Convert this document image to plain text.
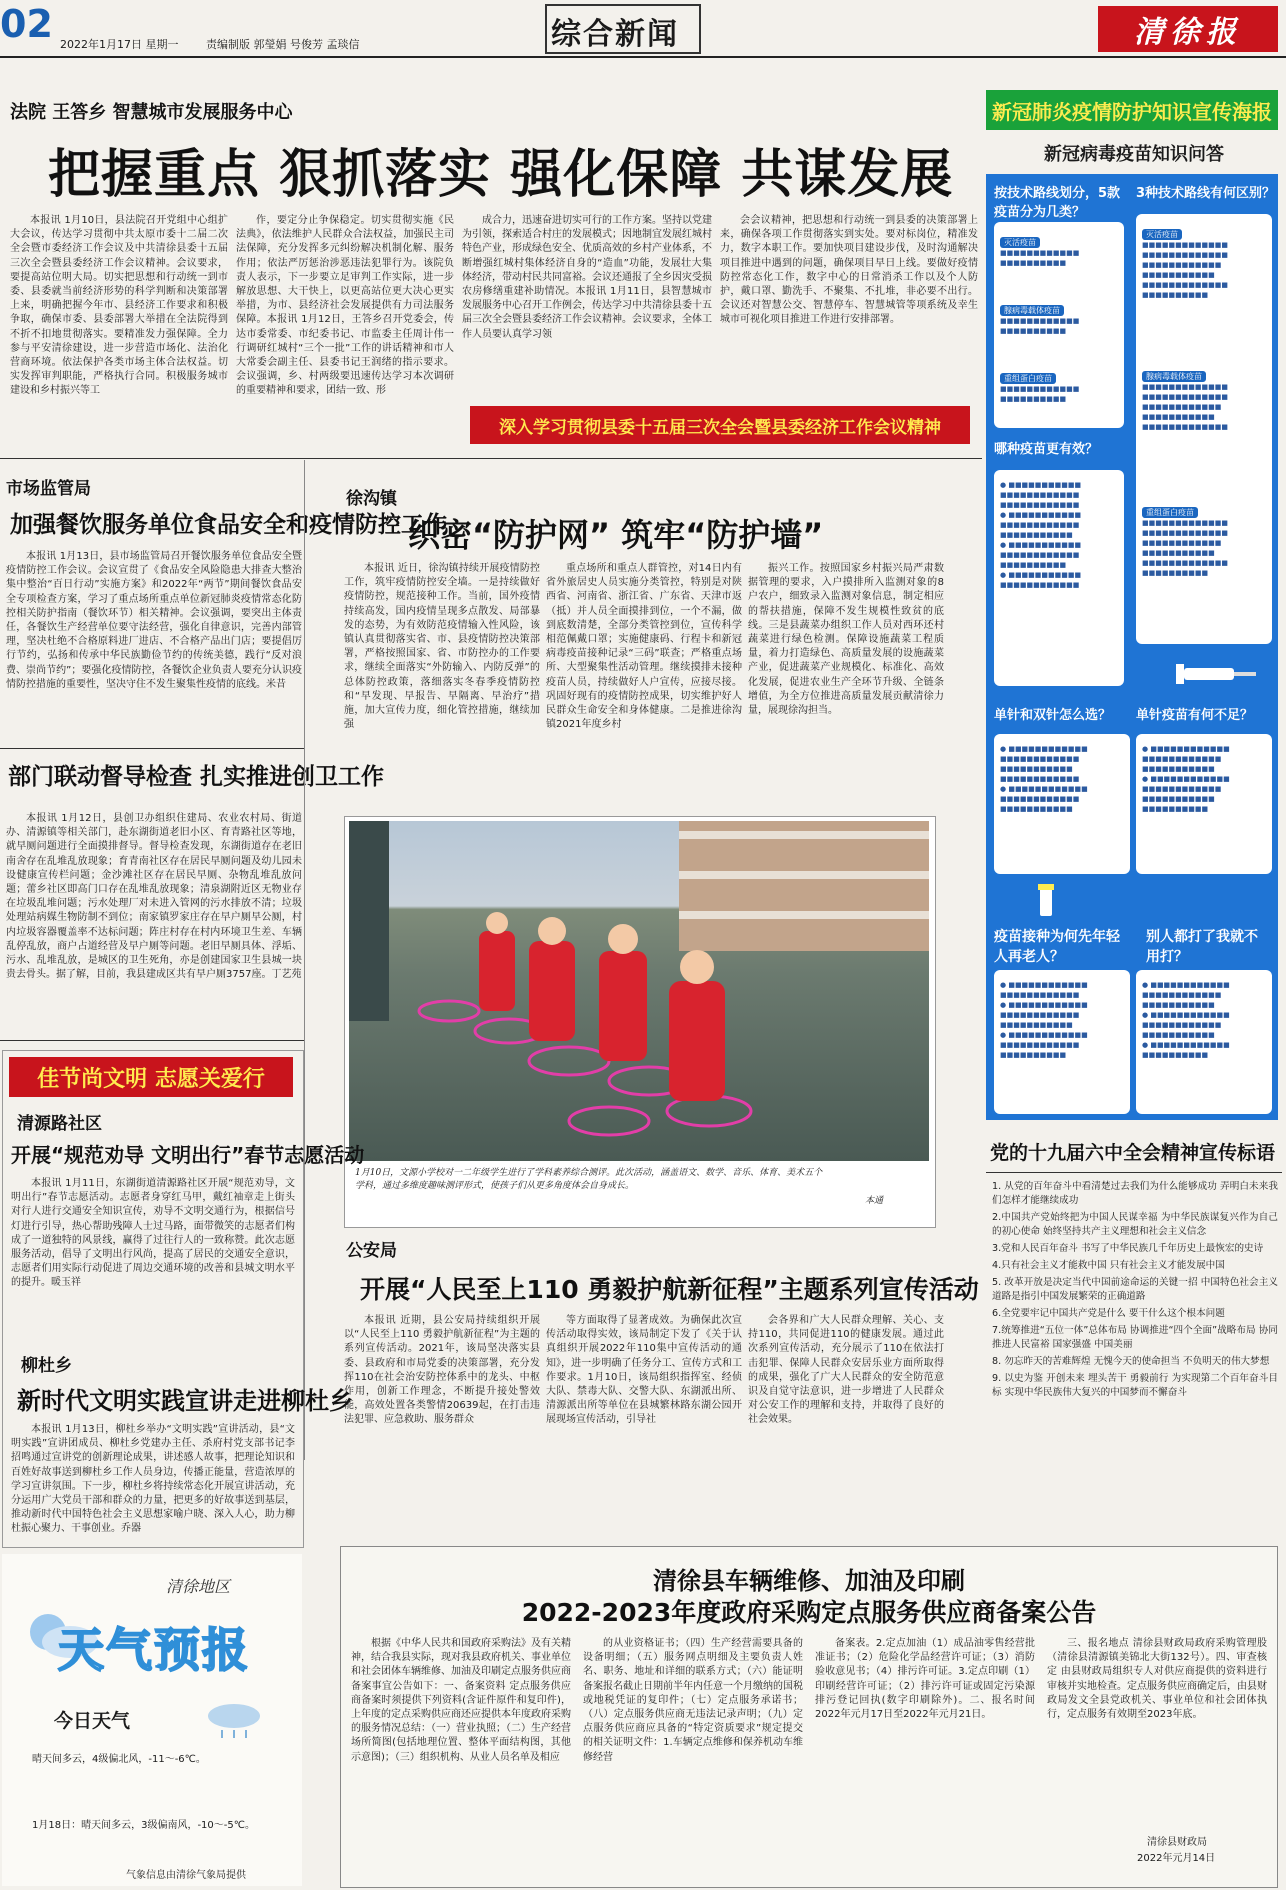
02 2022年1月17日 星期一	责编制版 郭瑩娟 号俊芳 孟琰信	综合新闻	清徐报
法院 王答乡 智慧城市发展服务中心
把握重点 狠抓落实 强化保障 共谋发展

本报讯 1月10日，县法院召开党组中心组扩大会议，传达学习贯彻中共太原市委十二届二次全会暨市委经济工作会议及中共清徐县委十五届三次全会暨县委经济工作会议精神。会议要求，要提高站位明大局。切实把思想和行动统一到市委、县委就当前经济形势的科学判断和决策部署上来，明确把握今年市、县经济工作要求和积极争取，确保市委、县委部署大举措在全法院得到不折不扣地贯彻落实。要精准发力强保障。全力参与平安清徐建设，进一步营造市场化、法治化营商环境。依法保护各类市场主体合法权益。切实发挥审判职能，严格执行合同。积极服务城市建设和乡村振兴等工

作，要定分止争保稳定。切实贯彻实施《民法典》，依法维护人民群众合法权益，加强民主司法保障，充分发挥多元纠纷解决机制化解、服务作用；依法严厉惩治涉恶违法犯罪行为。该院负责人表示，下一步要立足审判工作实际，进一步解放思想、大干快上，以更高站位更大决心更实举措，为市、县经济社会发展提供有力司法服务保障。本报讯 1月12日，王答乡召开党委会，传达市委常委、市纪委书记、市监委主任周计伟一行调研红城村“三个一批”工作的讲话精神和市人大常委会副主任、县委书记王润绪的指示要求。会议强调，乡、村两级要迅速传达学习本次调研的重要精神和要求，团结一致、形

成合力，迅速奋进切实可行的工作方案。坚持以党建为引领，探索适合村庄的发展模式；因地制宜发展红城村特色产业，形成绿色安全、优质高效的乡村产业体系，不断增强红城村集体经济自身的“造血”功能，发展壮大集体经济，带动村民共同富裕。会议还通报了全乡因灾受损农房修缮重建补助情况。本报讯 1月11日，县智慧城市发展服务中心召开工作例会，传达学习中共清徐县委十五届三次全会暨县委经济工作会议精神。会议要求，全体工作人员要认真学习领

会会议精神，把思想和行动统一到县委的决策部署上来，确保各项工作贯彻落实到实处。要对标岗位，精准发力，数字本职工作。要加快项目建设步伐，及时沟通解决项目推进中遇到的问题，确保项目早日上线。要做好疫情防控常态化工作，数字中心的日常消杀工作以及个人防护，戴口罩、勤洗手、不聚集、不扎堆，非必要不出行。会议还对智慧公交、智慧停车、智慧城管等项系统及幸生城市可视化项目推进工作进行安排部署。

深入学习贯彻县委十五届三次全会暨县委经济工作会议精神
新冠肺炎疫情防护知识宣传海报
新冠病毒疫苗知识问答
按技术路线划分，5款疫苗分为几类？
3种技术路线有何区别？
灭活疫苗
■■■■■■■■■■■■
■■■■■■■■■■
腺病毒载体疫苗
■■■■■■■■■■■■
■■■■■■■■■■
重组蛋白疫苗
■■■■■■■■■■■■
■■■■■■■■■■
灭活疫苗
■■■■■■■■■■■■■
■■■■■■■■■■■■■
■■■■■■■■■■■■
■■■■■■■■■■■
■■■■■■■■■■■■■
■■■■■■■■■■
腺病毒载体疫苗
■■■■■■■■■■■■■
■■■■■■■■■■■■■
■■■■■■■■■■■■
■■■■■■■■■■■
■■■■■■■■■■■■■
重组蛋白疫苗
■■■■■■■■■■■■■
■■■■■■■■■■■■■
■■■■■■■■■■■■
■■■■■■■■■■■
■■■■■■■■■■■■■
■■■■■■■■■■
哪种疫苗更有效？
● ■■■■■■■■■■■
■■■■■■■■■■■■
■■■■■■■■■■■■
● ■■■■■■■■■■■
■■■■■■■■■■■■
■■■■■■■■■■■
● ■■■■■■■■■■■
■■■■■■■■■■■■
■■■■■■■■■■
● ■■■■■■■■■■■
■■■■■■■■■■■■
单针和双针怎么选？	单针疫苗有何不足？
● ■■■■■■■■■■■■
■■■■■■■■■■■■
■■■■■■■■■■■
■■■■■■■■■■■■
● ■■■■■■■■■■■■
■■■■■■■■■■■■
■■■■■■■■■■■
● ■■■■■■■■■■■■
■■■■■■■■■■■■
■■■■■■■■■■■
● ■■■■■■■■■■■■
■■■■■■■■■■■■
■■■■■■■■■■■
■■■■■■■■■■
疫苗接种为何先年轻人再老人？
别人都打了我就不用打？
● ■■■■■■■■■■■■
■■■■■■■■■■■■
● ■■■■■■■■■■■■
■■■■■■■■■■■■
■■■■■■■■■■■
● ■■■■■■■■■■■■
■■■■■■■■■■■■
■■■■■■■■■■
● ■■■■■■■■■■■■
■■■■■■■■■■■■
■■■■■■■■■■■
● ■■■■■■■■■■■■
■■■■■■■■■■■■
■■■■■■■■■■■
● ■■■■■■■■■■■■
■■■■■■■■■■
市场监管局
加强餐饮服务单位食品安全和疫情防控工作

本报讯 1月13日，县市场监管局召开餐饮服务单位食品安全暨疫情防控工作会议。会议宣贯了《食品安全风险隐患大排查大整治集中整治“百日行动”实施方案》和2022年“两节”期间餐饮食品安全专项检查方案，学习了重点场所重点单位新冠肺炎疫情常态化防控相关防护指南（餐饮环节）相关精神。会议强调，要突出主体责任，各餐饮生产经营单位要守法经营，强化自律意识，完善内部管理，坚决杜绝不合格原料进厂进店、不合格产品出门店；要提倡厉行节约，弘扬和传承中华民族勤俭节约的传统美德，践行“反对浪费、崇尚节约”；要强化疫情防控，各餐饮企业负责人要充分认识疫情防控措施的重要性，坚决守住不发生聚集性疫情的底线。米昔

部门联动督导检查 扎实推进创卫工作

本报讯 1月12日，县创卫办组织住建局、农业农村局、街道办、清源镇等相关部门，赴东湖街道老旧小区、育青路社区等地，就早厕问题进行全面摸排督导。督导检查发现，东湖街道存在老旧南舍存在乱堆乱放现象；育青南社区存在居民早厕问题及幼儿园未设健康宣传栏问题；金沙滩社区存在居民早厕、杂物乱堆乱放问题；蕾乡社区即高门口存在乱堆乱放现象；清泉湖附近区无物业存在垃圾乱堆问题；污水处理厂对未进入管网的污水排放不清；垃圾处理站病媒生物防制不到位；南家镇罗家庄存在早户厕早公厕，村内垃圾容器覆盖率不达标问题；阵庄村存在村内环境卫生差、车辆乱停乱放，商户占道经营及早户厕等问题。老旧早厕具体、浮垢、污水、乱堆乱放，是城区的卫生死角，亦是创建国家卫生县城一块贵去骨头。据了解，目前，我县建成区共有早户厕3757座。丁艺苑

徐沟镇
织密“防护网” 筑牢“防护墙”

本报讯 近日，徐沟镇持续开展疫情防控工作，筑牢疫情防控安全墙。一是持续做好疫情防控，规范接种工作。当前，国外疫情持续高发，国内疫情呈现多点散发、局部暴发的态势，为有效防范疫情输入性风险，该镇认真贯彻落实省、市、县疫情防控决策部署，严格按照国家、省、市防控办的工作要求，继续全面落实“外防输入、内防反弹”的总体防控政策，落细落实冬春季疫情防控和“早发现、早报告、早隔离、早治疗”措施，加大宣传力度，细化管控措施，继续加强

重点场所和重点人群管控，对14日内有省外旅居史人员实施分类管控，特别是对陕西省、河南省、浙江省、广东省、天津市返（抵）并人员全面摸排到位，一个不漏，做到底数清楚，全部分类管控到位，宣传科学相范佩戴口罩；实施健康码、行程卡和新冠病毒疫苗接种记录“三码”联查；严格重点场所、大型聚集性活动管理。继续摸排未接种疫苗人员，持续做好人户宣传，应接尽接。巩固好现有的疫情防控成果，切实维护好人民群众生命安全和身体健康。二是推进徐沟镇2021年度乡村

振兴工作。按照国家乡村振兴局严肃数据管理的要求，入户摸排所入监测对象的8户农户，细致录入监测对象信息，制定相应的帮扶措施，保障不发生规模性致贫的底线。三是县蔬菜办组织工作人员对西环还村蔬菜进行绿色检测。保障设施蔬菜工程质量，着力打造绿色、高质量发展的设施蔬菜产业，促进蔬菜产业规模化、标准化、高效化发展，促进农业生产全环节升级、全链条增值，为全方位推进高质量发展贡献清徐力量，展现徐沟担当。

1月10日，文源小学校对一二年级学生进行了学科素养综合测评。此次活动，涵盖语文、数学、音乐、体育、美术五个学科，通过多维度趣味测评形式，使孩子们从更多角度体会自身成长。
本通
党的十九届六中全会精神宣传标语

1. 从党的百年奋斗中看清楚过去我们为什么能够成功 弄明白未来我们怎样才能继续成功

2.中国共产党始终把为中国人民谋幸福 为中华民族谋复兴作为自己的初心使命 始终坚持共产主义理想和社会主义信念

3.党和人民百年奋斗 书写了中华民族几千年历史上最恢宏的史诗

4.只有社会主义才能救中国 只有社会主义才能发展中国

5. 改革开放是决定当代中国前途命运的关键一招 中国特色社会主义道路是指引中国发展繁荣的正确道路

6.全党要牢记中国共产党是什么 要干什么这个根本问题

7.统筹推进“五位一体”总体布局 协调推进“四个全面”战略布局 协同推进人民富裕 国家强盛 中国美丽

8. 勿忘昨天的苦难辉煌 无愧今天的使命担当 不负明天的伟大梦想

9. 以史为鉴 开创未来 埋头苦干 勇毅前行 为实现第二个百年奋斗目标 实现中华民族伟大复兴的中国梦而不懈奋斗

佳节尚文明 志愿关爱行
清源路社区
开展“规范劝导 文明出行”春节志愿活动

本报讯 1月11日，东湖街道清源路社区开展“规范劝导，文明出行”春节志愿活动。志愿者身穿红马甲，戴红袖章走上街头对行人进行交通安全知识宣传，劝导不文明交通行为，根据信号灯进行引导，热心帮助残障人士过马路，面带微笑的志愿者们构成了一道独特的风景线，赢得了过往行人的一致称赞。此次志愿服务活动，倡导了文明出行风尚，提高了居民的交通安全意识，志愿者们用实际行动促进了周边交通环境的改善和县城文明水平的提升。暖玉祥

柳杜乡
新时代文明实践宣讲走进柳杜乡

本报讯 1月13日，柳杜乡举办“文明实践”宣讲活动，县“文明实践”宣讲团成员、柳杜乡党建办主任、杀府村党支部书记李招鸣通过宣讲党的创新理论成果，讲述感人故事，把理论知识和百姓好故事送到柳杜乡工作人员身边，传播正能量，营造浓厚的学习宣讲氛围。下一步，柳杜乡将持续常态化开展宣讲活动，充分运用广大党员干部和群众的力量，把更多的好故事送到基层，推动新时代中国特色社会主义思想家喻户晓、深入人心，助力柳杜振心聚力、干事创业。乔器

公安局
开展“人民至上110 勇毅护航新征程”主题系列宣传活动

本报讯 近期，县公安局持续组织开展以“人民至上110 勇毅护航新征程”为主题的系列宣传活动。2021年，该局坚决落实县委、县政府和市局党委的决策部署，充分发挥110在社会治安防控体系中的龙头、中枢作用，创新工作理念，不断提升接处警效能，高效处置各类警情20639起，在打击违法犯罪、应急救助、服务群众

等方面取得了显著成效。为确保此次宣传活动取得实效，该局制定下发了《关于认真组织开展2022年110集中宣传活动的通知》，进一步明确了任务分工、宣传方式和工作要求。1月10日，该局组织指挥室、经侦大队、禁毒大队、交警大队、东湖派出所、清源派出所等单位在县城繁林路东湖公园开展现场宣传活动，引导社

会各界和广大人民群众理解、关心、支持110，共同促进110的健康发展。通过此次系列宣传活动，充分展示了110在依法打击犯罪、保障人民群众安居乐业方面所取得的成果，强化了广大人民群众的安全防范意识及自觉守法意识，进一步增进了人民群众对公安工作的理解和支持，并取得了良好的社会效果。

清徐地区
天气预报
今日天气
晴天间多云，4级偏北风，-11～-6℃。
1月18日：晴天间多云，3级偏南风，-10～-5℃。
气象信息由清徐气象局提供
清徐县车辆维修、加油及印刷
2022-2023年度政府采购定点服务供应商备案公告

根据《中华人民共和国政府采购法》及有关精神，结合我县实际，现对我县政府机关、事业单位和社会团体车辆维修、加油及印刷定点服务供应商备案事宜公告如下：一、备案资料 定点服务供应商备案时须提供下列资料(含证件原件和复印件)，上年度的定点采购供应商还应提供本年度政府采购的服务情况总结：（一）营业执照；（二）生产经营场所简图(包括地理位置、整体平面结构图，其他示意图)；（三）组织机构、从业人员名单及相应

的从业资格证书；（四）生产经营需要具备的设备明细；（五）服务网点明细及主要负责人姓名、职务、地址和详细的联系方式；（六）能证明备案报名截止日期前半年内任意一个月缴纳的国税或地税凭证的复印件；（七）定点服务承诺书；（八）定点服务供应商无违法记录声明；（九）定点服务供应商应具备的“特定资质要求”规定提交的相关证明文件：1.车辆定点维修和保养机动车维修经营

备案表。2.定点加油（1）成品油零售经营批准证书；（2）危险化学品经营许可证；（3）消防验收意见书；（4）排污许可证。3.定点印刷（1）印刷经营许可证；（2）排污许可证或固定污染源排污登记回执(数字印刷除外)。二、报名时间 2022年元月17日至2022年元月21日。

三、报名地点 清徐县财政局政府采购管理股（清徐县清源镇美锦北大街132号）。四、审查核定 由县财政局组织专人对供应商提供的资料进行审核并实地检查。定点服务供应商确定后，由县财政局发文全县党政机关、事业单位和社会团体执行，定点服务有效期至2023年底。

清徐县财政局
2022年元月14日
